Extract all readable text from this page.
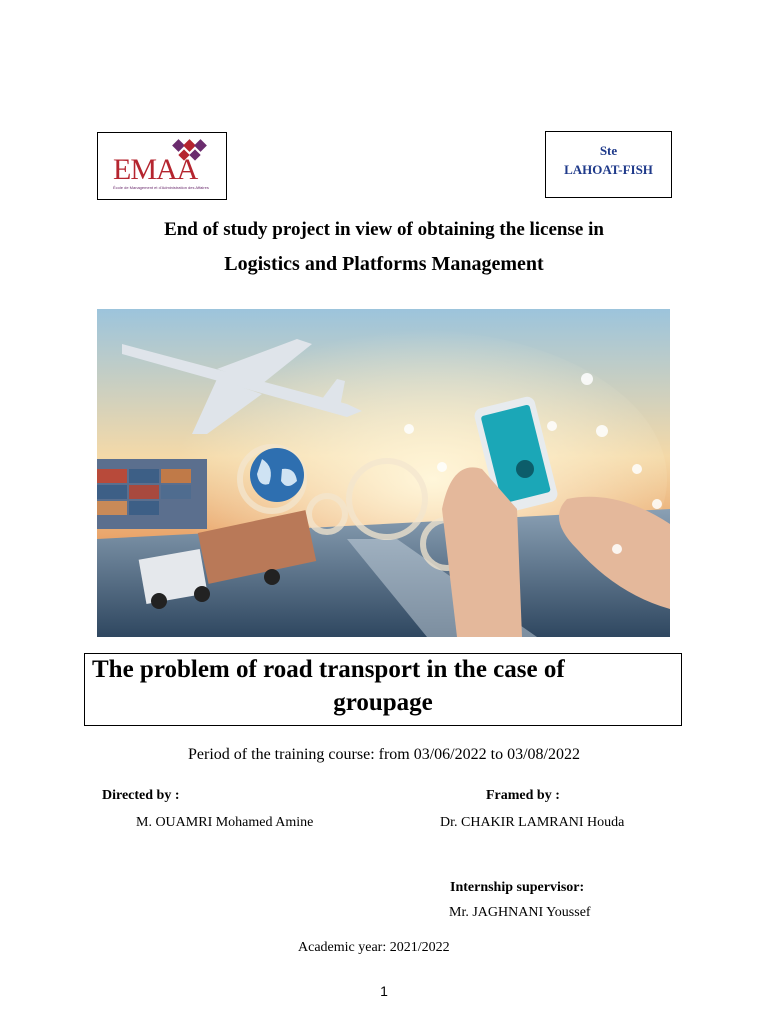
EMAA
École de Management et d'Administration des Affaires
Ste
LAHOAT-FISH
End of study project in view of obtaining the license in
Logistics and Platforms Management
The problem of road transport in the case of
groupage
Period of the training course: from 03/06/2022 to 03/08/2022
Directed by :
M. OUAMRI Mohamed Amine
Framed by :
Dr. CHAKIR LAMRANI Houda
Internship supervisor:
Mr. JAGHNANI Youssef
Academic year: 2021/2022
1
